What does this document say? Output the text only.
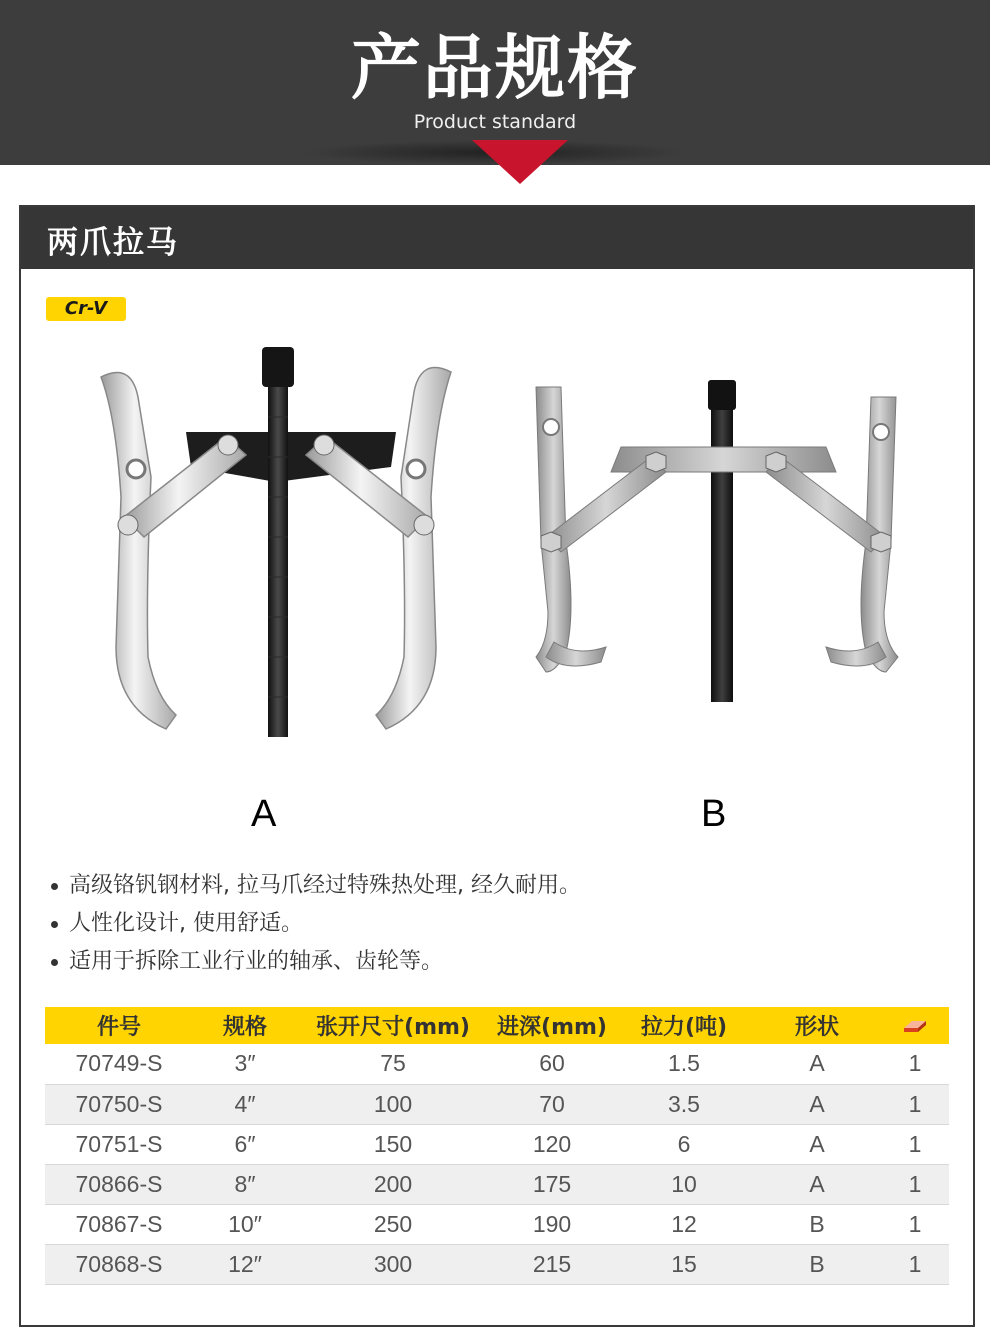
产品规格
Product standard
两爪拉马
Cr-V
A	B
高级铬钒钢材料, 拉马爪经过特殊热处理, 经久耐用。
人性化设计, 使用舒适。
适用于拆除工业行业的轴承、齿轮等。
件号	规格	张开尺寸(mm)	进深(mm)	拉力(吨)	形状	
70749-S	3″	75	60	1.5	A	1
70750-S	4″	100	70	3.5	A	1
70751-S	6″	150	120	6	A	1
70866-S	8″	200	175	10	A	1
70867-S	10″	250	190	12	B	1
70868-S	12″	300	215	15	B	1
